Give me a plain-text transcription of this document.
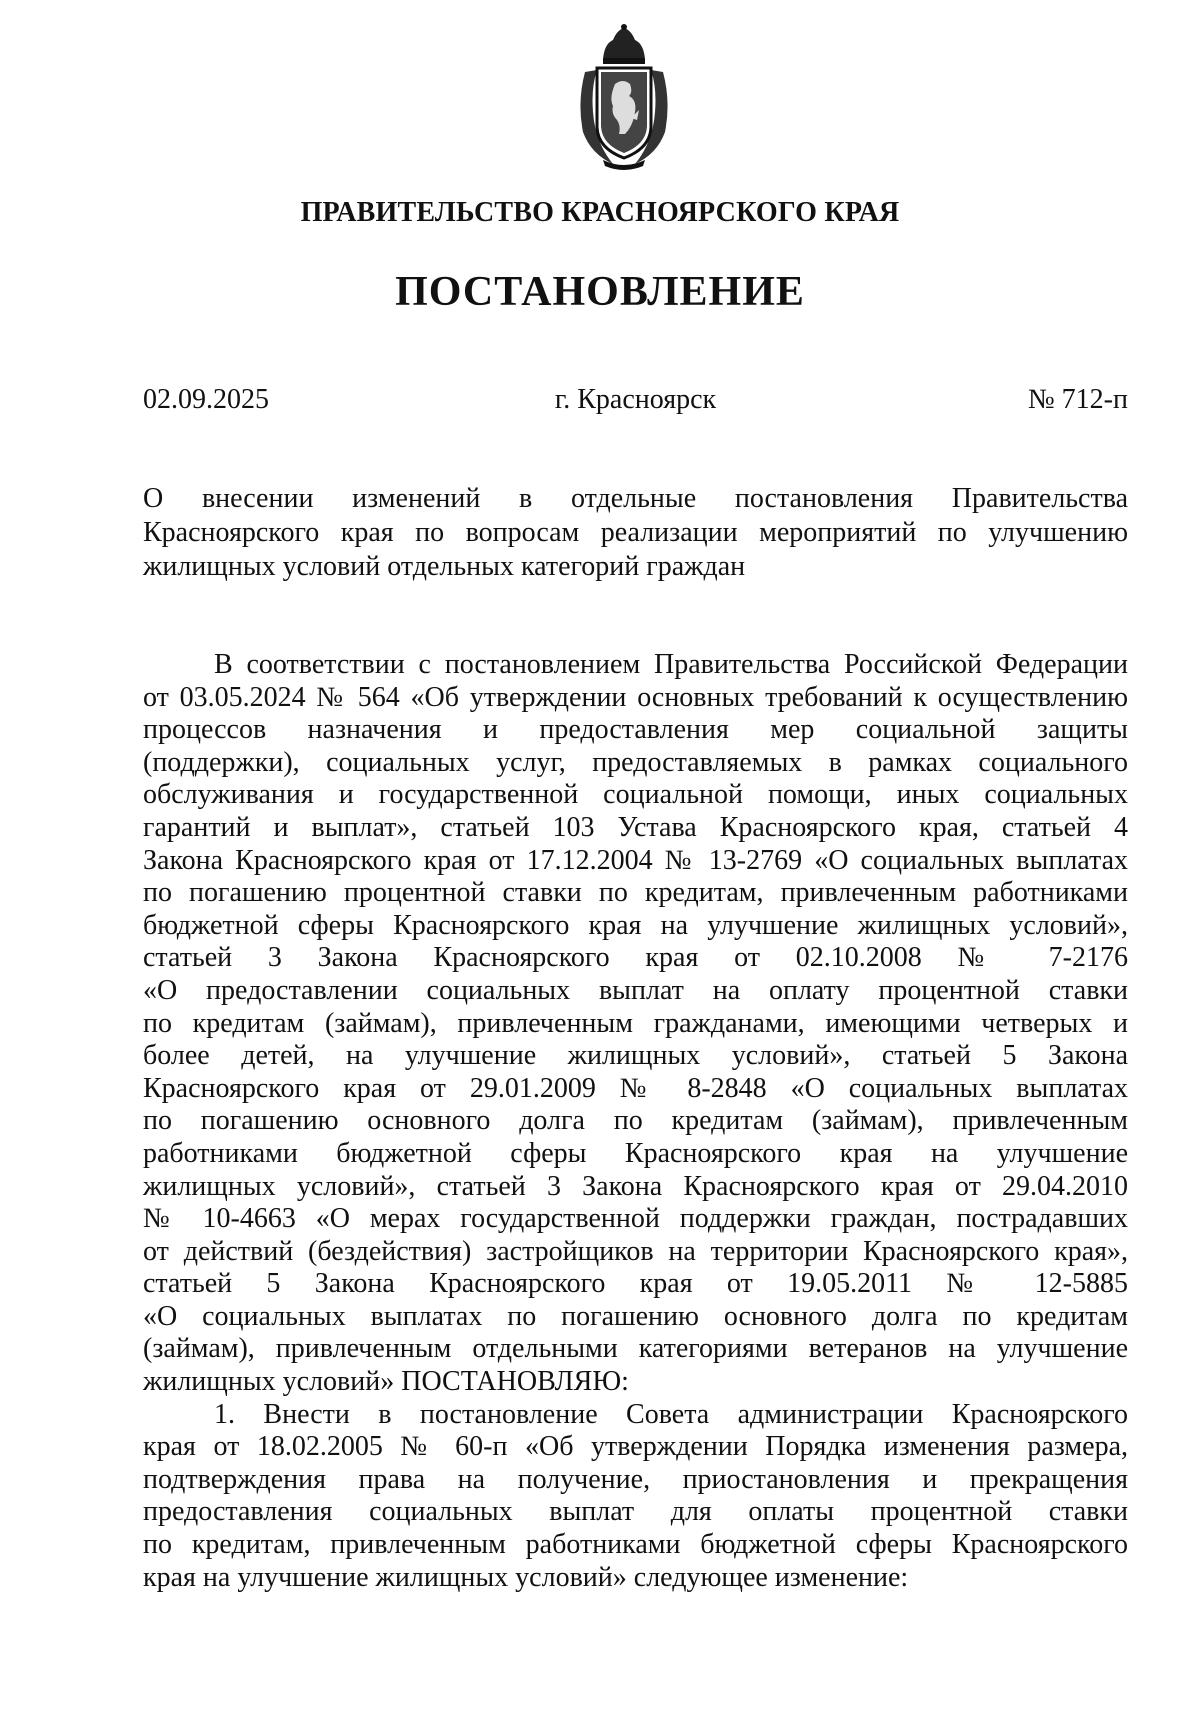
ПРАВИТЕЛЬСТВО КРАСНОЯРСКОГО КРАЯ
ПОСТАНОВЛЕНИЕ
02.09.2025	г. Красноярск	№ 712-п
О внесении изменений в отдельные постановления Правительства
Красноярского края по вопросам реализации мероприятий по улучшению
жилищных условий отдельных категорий граждан
В соответствии с постановлением Правительства Российской Федерации
от 03.05.2024 № 564 «Об утверждении основных требований к осуществлению
процессов назначения и предоставления мер социальной защиты
(поддержки), социальных услуг, предоставляемых в рамках социального
обслуживания и государственной социальной помощи, иных социальных
гарантий и выплат», статьей 103 Устава Красноярского края, статьей 4
Закона Красноярского края от 17.12.2004 № 13-2769 «О социальных выплатах
по погашению процентной ставки по кредитам, привлеченным работниками
бюджетной сферы Красноярского края на улучшение жилищных условий»,
статьей 3 Закона Красноярского края от 02.10.2008 № 7-2176
«О предоставлении социальных выплат на оплату процентной ставки
по кредитам (займам), привлеченным гражданами, имеющими четверых и
более детей, на улучшение жилищных условий», статьей 5 Закона
Красноярского края от 29.01.2009 № 8-2848 «О социальных выплатах
по погашению основного долга по кредитам (займам), привлеченным
работниками бюджетной сферы Красноярского края на улучшение
жилищных условий», статьей 3 Закона Красноярского края от 29.04.2010
№ 10-4663 «О мерах государственной поддержки граждан, пострадавших
от действий (бездействия) застройщиков на территории Красноярского края»,
статьей 5 Закона Красноярского края от 19.05.2011 № 12-5885
«О социальных выплатах по погашению основного долга по кредитам
(займам), привлеченным отдельными категориями ветеранов на улучшение
жилищных условий» ПОСТАНОВЛЯЮ:
1. Внести в постановление Совета администрации Красноярского
края от 18.02.2005 № 60-п «Об утверждении Порядка изменения размера,
подтверждения права на получение, приостановления и прекращения
предоставления социальных выплат для оплаты процентной ставки
по кредитам, привлеченным работниками бюджетной сферы Красноярского
края на улучшение жилищных условий» следующее изменение:
